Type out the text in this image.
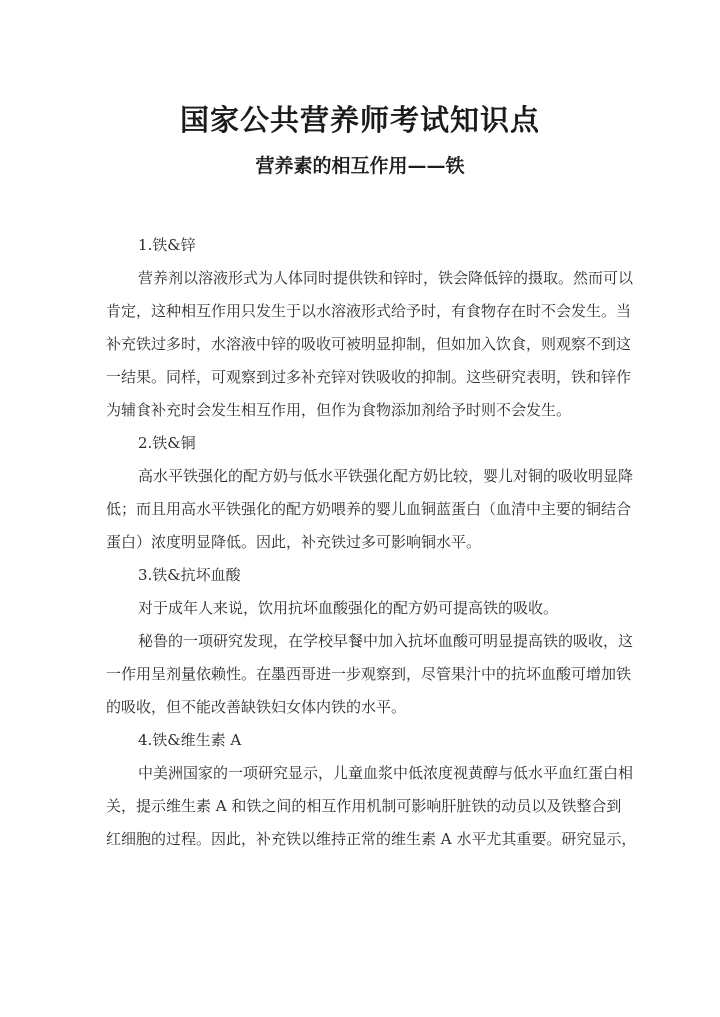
国家公共营养师考试知识点
营养素的相互作用——铁
1.铁&锌
营养剂以溶液形式为人体同时提供铁和锌时，铁会降低锌的摄取。然而可以
肯定，这种相互作用只发生于以水溶液形式给予时，有食物存在时不会发生。当
补充铁过多时，水溶液中锌的吸收可被明显抑制，但如加入饮食，则观察不到这
一结果。同样，可观察到过多补充锌对铁吸收的抑制。这些研究表明，铁和锌作
为辅食补充时会发生相互作用，但作为食物添加剂给予时则不会发生。
2.铁&铜
高水平铁强化的配方奶与低水平铁强化配方奶比较，婴儿对铜的吸收明显降
低；而且用高水平铁强化的配方奶喂养的婴儿血铜蓝蛋白（血清中主要的铜结合
蛋白）浓度明显降低。因此，补充铁过多可影响铜水平。
3.铁&抗坏血酸
对于成年人来说，饮用抗坏血酸强化的配方奶可提高铁的吸收。
秘鲁的一项研究发现，在学校早餐中加入抗坏血酸可明显提高铁的吸收，这
一作用呈剂量依赖性。在墨西哥进一步观察到，尽管果汁中的抗坏血酸可增加铁
的吸收，但不能改善缺铁妇女体内铁的水平。
4.铁&维生素 A
中美洲国家的一项研究显示，儿童血浆中低浓度视黄醇与低水平血红蛋白相
关，提示维生素 A 和铁之间的相互作用机制可影响肝脏铁的动员以及铁整合到
红细胞的过程。因此，补充铁以维持正常的维生素 A 水平尤其重要。研究显示，
